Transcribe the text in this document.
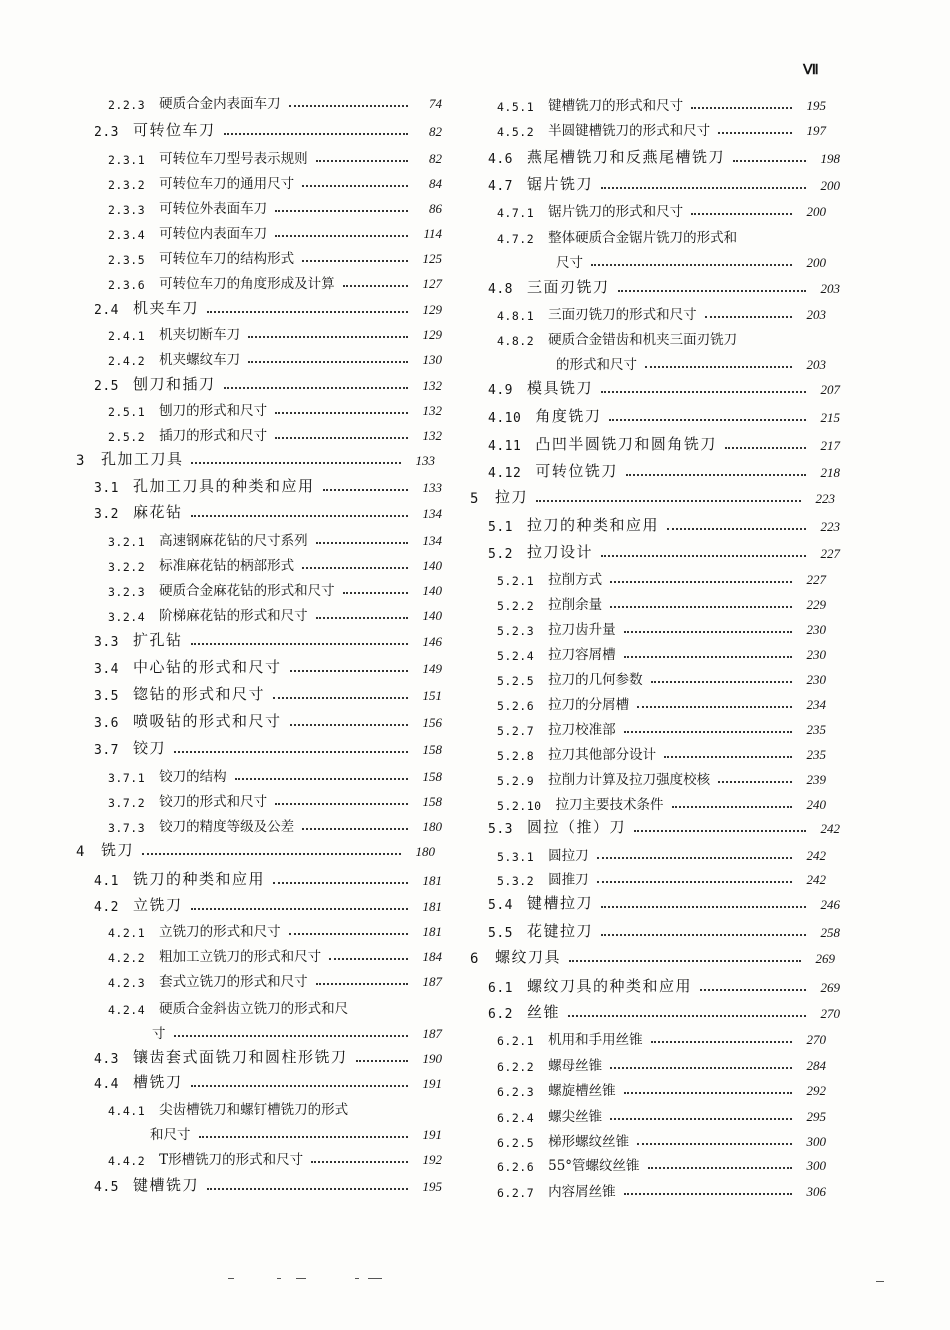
Ⅶ
2.2.3 硬质合金内表面车刀	74
2.3 可转位车刀	82
2.3.1 可转位车刀型号表示规则	82
2.3.2 可转位车刀的通用尺寸	84
2.3.3 可转位外表面车刀	86
2.3.4 可转位内表面车刀	114
2.3.5 可转位车刀的结构形式	125
2.3.6 可转位车刀的角度形成及计算	127
2.4 机夹车刀	129
2.4.1 机夹切断车刀	129
2.4.2 机夹螺纹车刀	130
2.5 刨刀和插刀	132
2.5.1 刨刀的形式和尺寸	132
2.5.2 插刀的形式和尺寸	132
3 孔加工刀具	133
3.1 孔加工刀具的种类和应用	133
3.2 麻花钻	134
3.2.1 高速钢麻花钻的尺寸系列	134
3.2.2 标准麻花钻的柄部形式	140
3.2.3 硬质合金麻花钻的形式和尺寸	140
3.2.4 阶梯麻花钻的形式和尺寸	140
3.3 扩孔钻	146
3.4 中心钻的形式和尺寸	149
3.5 锪钻的形式和尺寸	151
3.6 喷吸钻的形式和尺寸	156
3.7 铰刀	158
3.7.1 铰刀的结构	158
3.7.2 铰刀的形式和尺寸	158
3.7.3 铰刀的精度等级及公差	180
4 铣刀	180
4.1 铣刀的种类和应用	181
4.2 立铣刀	181
4.2.1 立铣刀的形式和尺寸	181
4.2.2 粗加工立铣刀的形式和尺寸	184
4.2.3 套式立铣刀的形式和尺寸	187
4.2.4 硬质合金斜齿立铣刀的形式和尺
寸	187
4.3 镶齿套式面铣刀和圆柱形铣刀	190
4.4 槽铣刀	191
4.4.1 尖齿槽铣刀和螺钉槽铣刀的形式
和尺寸	191
4.4.2 T形槽铣刀的形式和尺寸	192
4.5 键槽铣刀	195
4.5.1 键槽铣刀的形式和尺寸	195
4.5.2 半圆键槽铣刀的形式和尺寸	197
4.6 燕尾槽铣刀和反燕尾槽铣刀	198
4.7 锯片铣刀	200
4.7.1 锯片铣刀的形式和尺寸	200
4.7.2 整体硬质合金锯片铣刀的形式和
尺寸	200
4.8 三面刃铣刀	203
4.8.1 三面刃铣刀的形式和尺寸	203
4.8.2 硬质合金错齿和机夹三面刃铣刀
的形式和尺寸	203
4.9 模具铣刀	207
4.10 角度铣刀	215
4.11 凸凹半圆铣刀和圆角铣刀	217
4.12 可转位铣刀	218
5 拉刀	223
5.1 拉刀的种类和应用	223
5.2 拉刀设计	227
5.2.1 拉削方式	227
5.2.2 拉削余量	229
5.2.3 拉刀齿升量	230
5.2.4 拉刀容屑槽	230
5.2.5 拉刀的几何参数	230
5.2.6 拉刀的分屑槽	234
5.2.7 拉刀校准部	235
5.2.8 拉刀其他部分设计	235
5.2.9 拉削力计算及拉刀强度校核	239
5.2.10 拉刀主要技术条件	240
5.3 圆拉（推）刀	242
5.3.1 圆拉刀	242
5.3.2 圆推刀	242
5.4 键槽拉刀	246
5.5 花键拉刀	258
6 螺纹刀具	269
6.1 螺纹刀具的种类和应用	269
6.2 丝锥	270
6.2.1 机用和手用丝锥	270
6.2.2 螺母丝锥	284
6.2.3 螺旋槽丝锥	292
6.2.4 螺尖丝锥	295
6.2.5 梯形螺纹丝锥	300
6.2.6 55°管螺纹丝锥	300
6.2.7 内容屑丝锥	306
